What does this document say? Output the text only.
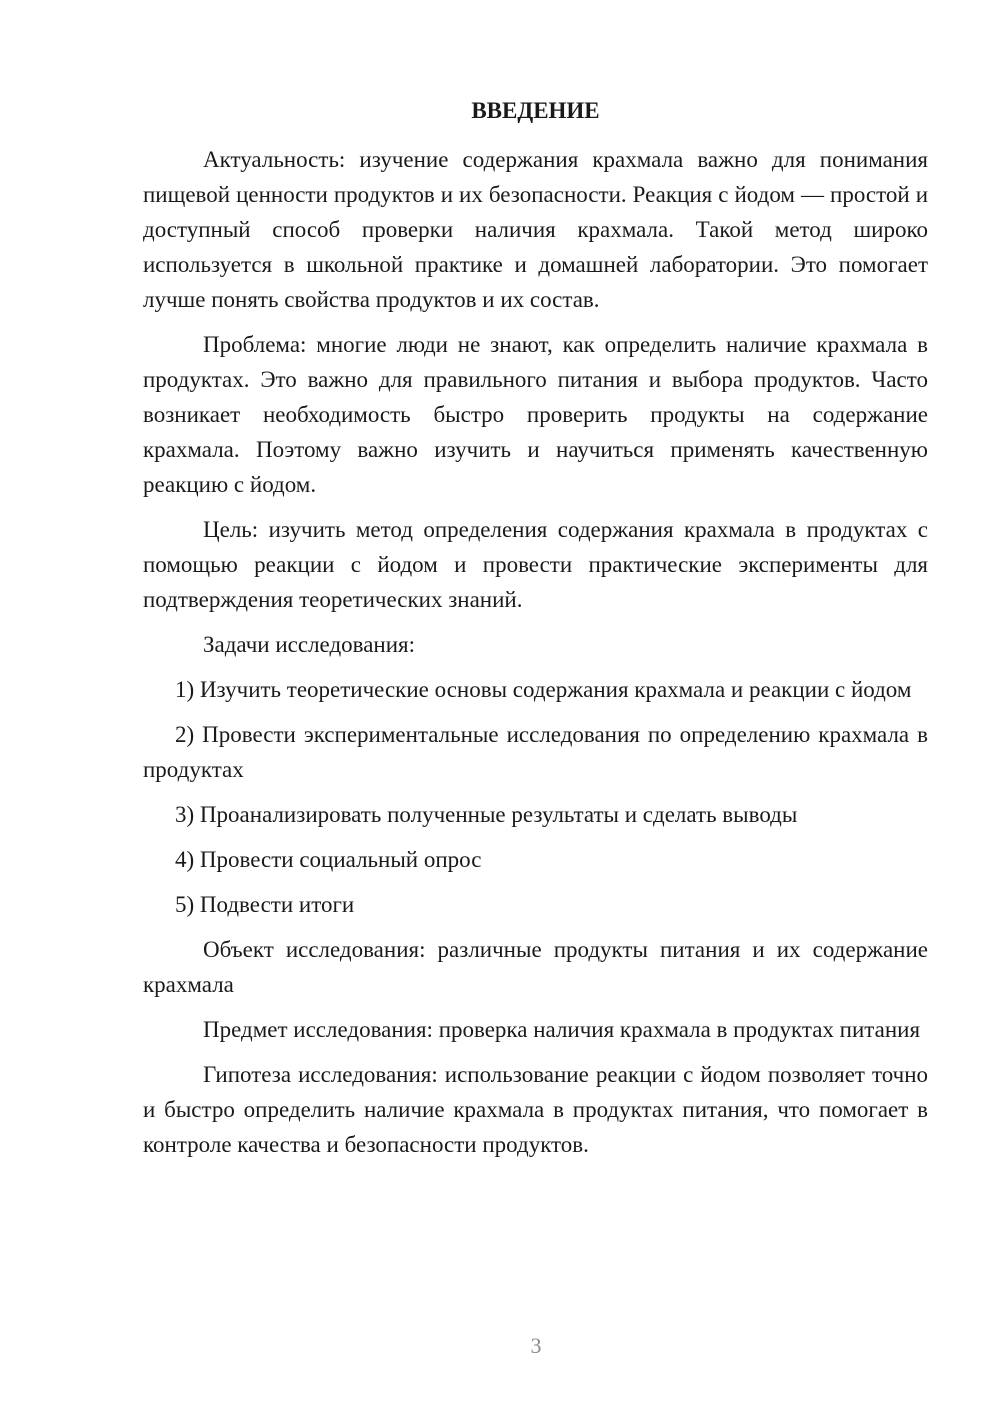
ВВЕДЕНИЕ

Актуальность: изучение содержания крахмала важно для понимания пищевой ценности продуктов и их безопасности. Реакция с йодом — простой и доступный способ проверки наличия крахмала. Такой метод широко используется в школьной практике и домашней лаборатории. Это помогает лучше понять свойства продуктов и их состав.

Проблема: многие люди не знают, как определить наличие крахмала в продуктах. Это важно для правильного питания и выбора продуктов. Часто возникает необходимость быстро проверить продукты на содержание крахмала. Поэтому важно изучить и научиться применять качественную реакцию с йодом.

Цель: изучить метод определения содержания крахмала в продуктах с помощью реакции с йодом и провести практические эксперименты для подтверждения теоретических знаний.

Задачи исследования:

1) Изучить теоретические основы содержания крахмала и реакции с йодом

2) Провести экспериментальные исследования по определению крахмала в продуктах

3) Проанализировать полученные результаты и сделать выводы

4) Провести социальный опрос

5) Подвести итоги

Объект исследования: различные продукты питания и их содержание крахмала

Предмет исследования: проверка наличия крахмала в продуктах питания

Гипотеза исследования: использование реакции с йодом позволяет точно и быстро определить наличие крахмала в продуктах питания, что помогает в контроле качества и безопасности продуктов.

3
